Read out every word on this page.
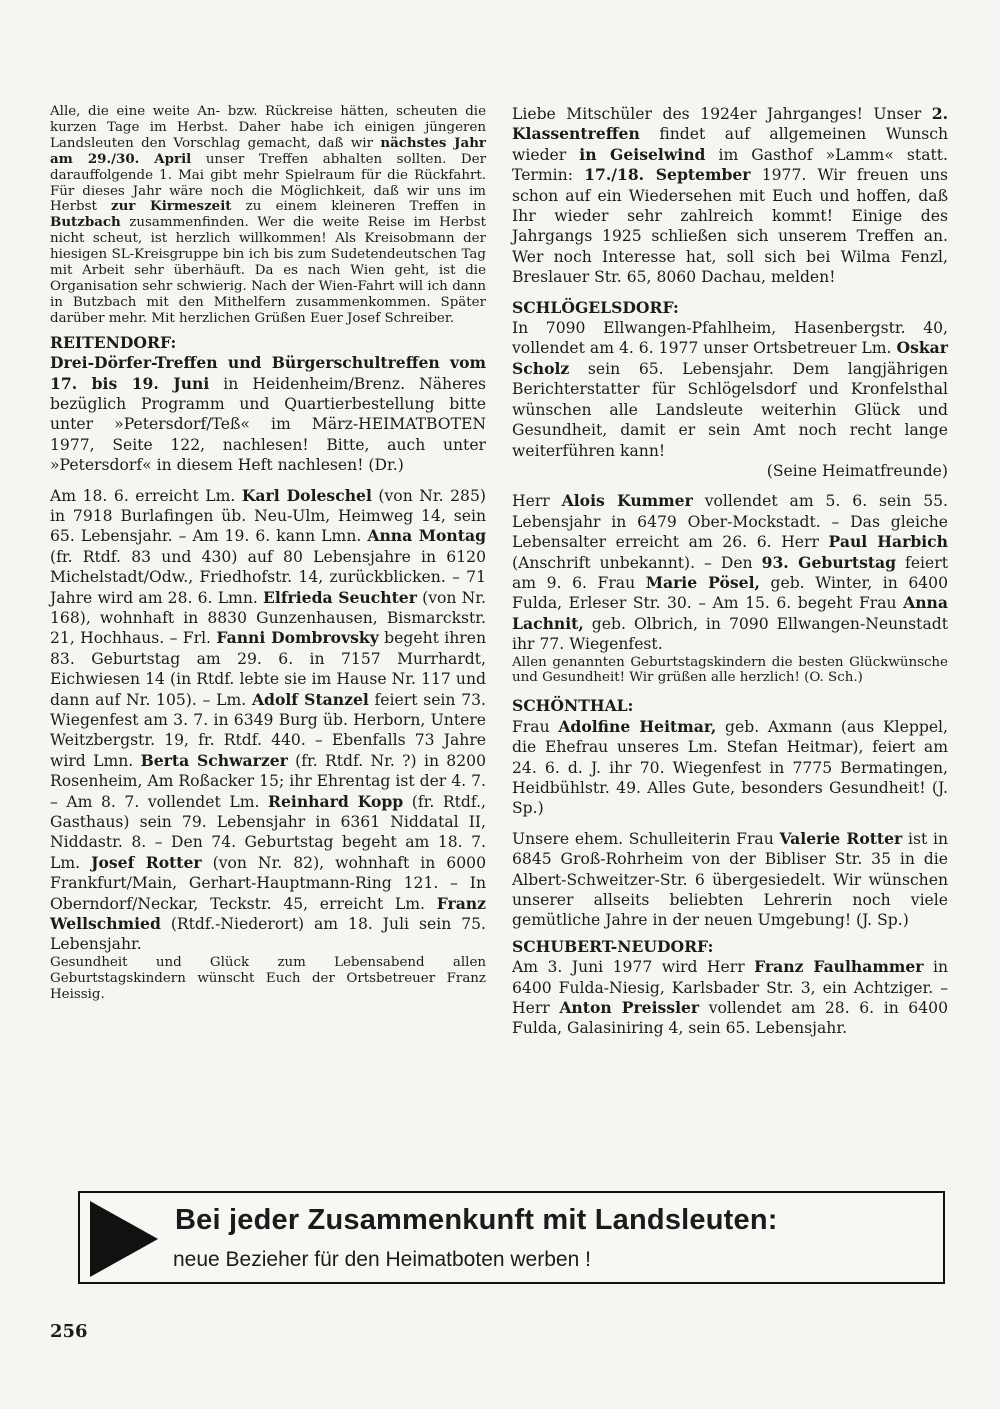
Alle, die eine weite An- bzw. Rückreise hätten, scheuten die kurzen Tage im Herbst. Daher habe ich einigen jüngeren Landsleuten den Vorschlag gemacht, daß wir nächstes Jahr am 29./30. April unser Treffen abhalten sollten. Der darauffolgende 1. Mai gibt mehr Spielraum für die Rückfahrt. Für dieses Jahr wäre noch die Möglichkeit, daß wir uns im Herbst zur Kirmeszeit zu einem kleineren Treffen in Butzbach zusammenfinden. Wer die weite Reise im Herbst nicht scheut, ist herzlich willkommen! Als Kreisobmann der hiesigen SL-Kreisgruppe bin ich bis zum Sudetendeutschen Tag mit Arbeit sehr überhäuft. Da es nach Wien geht, ist die Organisation sehr schwierig. Nach der Wien-Fahrt will ich dann in Butzbach mit den Mithelfern zusammenkommen. Später darüber mehr. Mit herzlichen Grüßen Euer Josef Schreiber.

REITENDORF:

Drei-Dörfer-Treffen und Bürgerschultreffen vom 17. bis 19. Juni in Heidenheim/Brenz. Näheres bezüglich Programm und Quartierbestellung bitte unter »Petersdorf/Teß« im März-HEIMATBOTEN 1977, Seite 122, nachlesen! Bitte, auch unter »Petersdorf« in diesem Heft nachlesen! (Dr.)

Am 18. 6. erreicht Lm. Karl Doleschel (von Nr. 285) in 7918 Burlafingen üb. Neu-Ulm, Heimweg 14, sein 65. Lebensjahr. – Am 19. 6. kann Lmn. Anna Montag (fr. Rtdf. 83 und 430) auf 80 Lebensjahre in 6120 Michelstadt/Odw., Friedhofstr. 14, zurückblicken. – 71 Jahre wird am 28. 6. Lmn. Elfrieda Seuchter (von Nr. 168), wohnhaft in 8830 Gunzenhausen, Bismarckstr. 21, Hochhaus. – Frl. Fanni Dombrovsky begeht ihren 83. Geburtstag am 29. 6. in 7157 Murrhardt, Eichwiesen 14 (in Rtdf. lebte sie im Hause Nr. 117 und dann auf Nr. 105). – Lm. Adolf Stanzel feiert sein 73. Wiegenfest am 3. 7. in 6349 Burg üb. Herborn, Untere Weitzbergstr. 19, fr. Rtdf. 440. – Ebenfalls 73 Jahre wird Lmn. Berta Schwarzer (fr. Rtdf. Nr. ?) in 8200 Rosenheim, Am Roßacker 15; ihr Ehrentag ist der 4. 7. – Am 8. 7. vollendet Lm. Reinhard Kopp (fr. Rtdf., Gasthaus) sein 79. Lebensjahr in 6361 Niddatal II, Niddastr. 8. – Den 74. Geburtstag begeht am 18. 7. Lm. Josef Rotter (von Nr. 82), wohnhaft in 6000 Frankfurt/Main, Gerhart-Hauptmann-Ring 121. – In Oberndorf/Neckar, Teckstr. 45, erreicht Lm. Franz Wellschmied (Rtdf.-Niederort) am 18. Juli sein 75. Lebensjahr.

Gesundheit und Glück zum Lebensabend allen Geburtstagskindern wünscht Euch der Ortsbetreuer Franz Heissig.

Liebe Mitschüler des 1924er Jahrganges! Unser 2. Klassentreffen findet auf allgemeinen Wunsch wieder in Geiselwind im Gasthof »Lamm« statt. Termin: 17./18. September 1977. Wir freuen uns schon auf ein Wiedersehen mit Euch und hoffen, daß Ihr wieder sehr zahlreich kommt! Einige des Jahrgangs 1925 schließen sich unserem Treffen an. Wer noch Interesse hat, soll sich bei Wilma Fenzl, Breslauer Str. 65, 8060 Dachau, melden!

SCHLÖGELSDORF:

In 7090 Ellwangen-Pfahlheim, Hasenbergstr. 40, vollendet am 4. 6. 1977 unser Ortsbetreuer Lm. Oskar Scholz sein 65. Lebensjahr. Dem langjährigen Berichterstatter für Schlögelsdorf und Kronfelsthal wünschen alle Landsleute weiterhin Glück und Gesundheit, damit er sein Amt noch recht lange weiterführen kann!

(Seine Heimatfreunde)

Herr Alois Kummer vollendet am 5. 6. sein 55. Lebensjahr in 6479 Ober-Mockstadt. – Das gleiche Lebensalter erreicht am 26. 6. Herr Paul Harbich (Anschrift unbekannt). – Den 93. Geburtstag feiert am 9. 6. Frau Marie Pösel, geb. Winter, in 6400 Fulda, Erleser Str. 30. – Am 15. 6. begeht Frau Anna Lachnit, geb. Olbrich, in 7090 Ellwangen-Neunstadt ihr 77. Wiegenfest.

Allen genannten Geburtstagskindern die besten Glückwünsche und Gesundheit! Wir grüßen alle herzlich! (O. Sch.)

SCHÖNTHAL:

Frau Adolfine Heitmar, geb. Axmann (aus Kleppel, die Ehefrau unseres Lm. Stefan Heitmar), feiert am 24. 6. d. J. ihr 70. Wiegenfest in 7775 Bermatingen, Heidbühlstr. 49. Alles Gute, besonders Gesundheit! (J. Sp.)

Unsere ehem. Schulleiterin Frau Valerie Rotter ist in 6845 Groß-Rohrheim von der Bibliser Str. 35 in die Albert-Schweitzer-Str. 6 übergesiedelt. Wir wünschen unserer allseits beliebten Lehrerin noch viele gemütliche Jahre in der neuen Umgebung! (J. Sp.)

SCHUBERT-NEUDORF:

Am 3. Juni 1977 wird Herr Franz Faulhammer in 6400 Fulda-Niesig, Karlsbader Str. 3, ein Achtziger. – Herr Anton Preissler vollendet am 28. 6. in 6400 Fulda, Galasiniring 4, sein 65. Lebensjahr.

Bei jeder Zusammenkunft mit Landsleuten:
neue Bezieher für den Heimatboten werben !
256
